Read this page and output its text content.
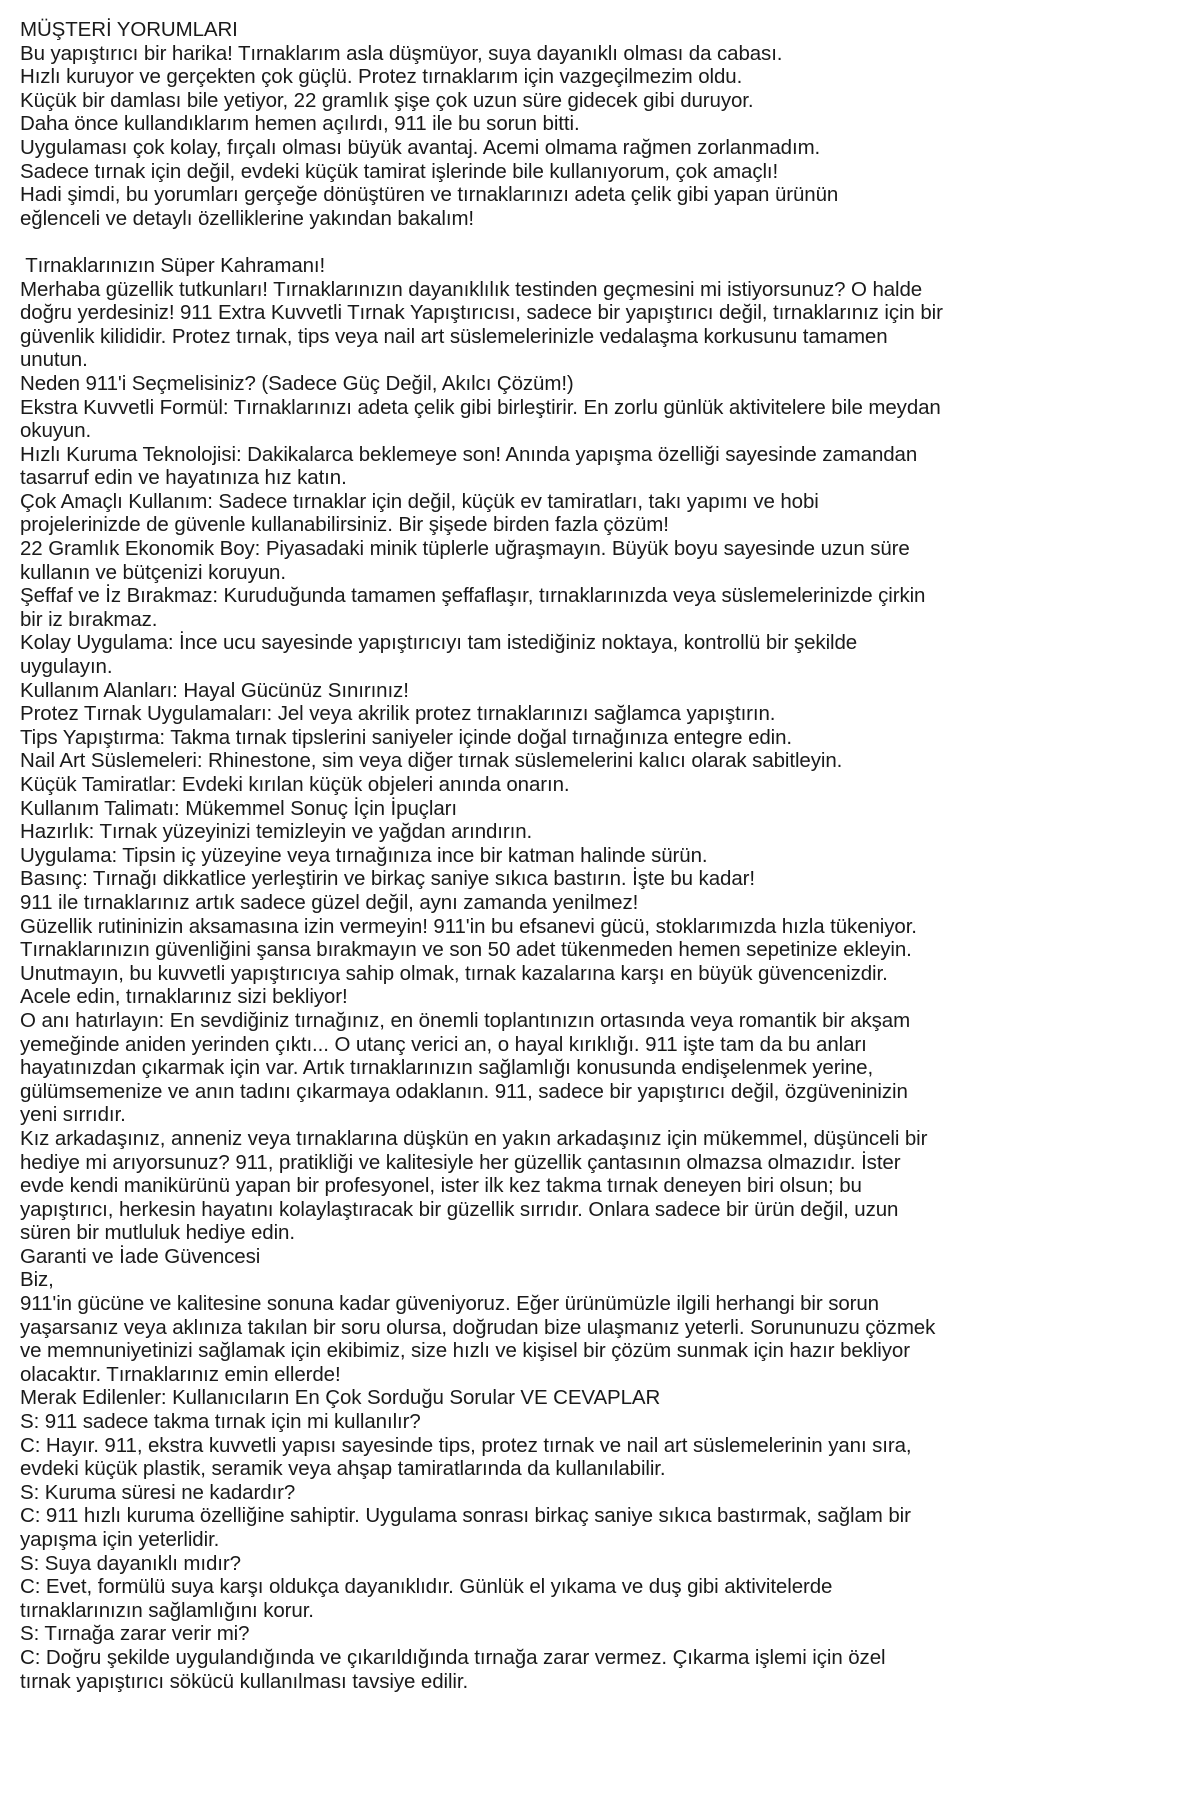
MÜŞTERİ YORUMLARI
Bu yapıştırıcı bir harika! Tırnaklarım asla düşmüyor, suya dayanıklı olması da cabası.
Hızlı kuruyor ve gerçekten çok güçlü. Protez tırnaklarım için vazgeçilmezim oldu.
Küçük bir damlası bile yetiyor, 22 gramlık şişe çok uzun süre gidecek gibi duruyor.
Daha önce kullandıklarım hemen açılırdı, 911 ile bu sorun bitti.
Uygulaması çok kolay, fırçalı olması büyük avantaj. Acemi olmama rağmen zorlanmadım.
Sadece tırnak için değil, evdeki küçük tamirat işlerinde bile kullanıyorum, çok amaçlı!
Hadi şimdi, bu yorumları gerçeğe dönüştüren ve tırnaklarınızı adeta çelik gibi yapan ürünün
eğlenceli ve detaylı özelliklerine yakından bakalım!
Tırnaklarınızın Süper Kahramanı!
Merhaba güzellik tutkunları! Tırnaklarınızın dayanıklılık testinden geçmesini mi istiyorsunuz? O halde
doğru yerdesiniz! 911 Extra Kuvvetli Tırnak Yapıştırıcısı, sadece bir yapıştırıcı değil, tırnaklarınız için bir
güvenlik kilididir. Protez tırnak, tips veya nail art süslemelerinizle vedalaşma korkusunu tamamen
unutun.
Neden 911'i Seçmelisiniz? (Sadece Güç Değil, Akılcı Çözüm!)
Ekstra Kuvvetli Formül: Tırnaklarınızı adeta çelik gibi birleştirir. En zorlu günlük aktivitelere bile meydan
okuyun.
Hızlı Kuruma Teknolojisi: Dakikalarca beklemeye son! Anında yapışma özelliği sayesinde zamandan
tasarruf edin ve hayatınıza hız katın.
Çok Amaçlı Kullanım: Sadece tırnaklar için değil, küçük ev tamiratları, takı yapımı ve hobi
projelerinizde de güvenle kullanabilirsiniz. Bir şişede birden fazla çözüm!
22 Gramlık Ekonomik Boy: Piyasadaki minik tüplerle uğraşmayın. Büyük boyu sayesinde uzun süre
kullanın ve bütçenizi koruyun.
Şeffaf ve İz Bırakmaz: Kuruduğunda tamamen şeffaflaşır, tırnaklarınızda veya süslemelerinizde çirkin
bir iz bırakmaz.
Kolay Uygulama: İnce ucu sayesinde yapıştırıcıyı tam istediğiniz noktaya, kontrollü bir şekilde
uygulayın.
Kullanım Alanları: Hayal Gücünüz Sınırınız!
Protez Tırnak Uygulamaları: Jel veya akrilik protez tırnaklarınızı sağlamca yapıştırın.
Tips Yapıştırma: Takma tırnak tipslerini saniyeler içinde doğal tırnağınıza entegre edin.
Nail Art Süslemeleri: Rhinestone, sim veya diğer tırnak süslemelerini kalıcı olarak sabitleyin.
Küçük Tamiratlar: Evdeki kırılan küçük objeleri anında onarın.
Kullanım Talimatı: Mükemmel Sonuç İçin İpuçları
Hazırlık: Tırnak yüzeyinizi temizleyin ve yağdan arındırın.
Uygulama: Tipsin iç yüzeyine veya tırnağınıza ince bir katman halinde sürün.
Basınç: Tırnağı dikkatlice yerleştirin ve birkaç saniye sıkıca bastırın. İşte bu kadar!
911 ile tırnaklarınız artık sadece güzel değil, aynı zamanda yenilmez!
Güzellik rutininizin aksamasına izin vermeyin! 911'in bu efsanevi gücü, stoklarımızda hızla tükeniyor.
Tırnaklarınızın güvenliğini şansa bırakmayın ve son 50 adet tükenmeden hemen sepetinize ekleyin.
Unutmayın, bu kuvvetli yapıştırıcıya sahip olmak, tırnak kazalarına karşı en büyük güvencenizdir.
Acele edin, tırnaklarınız sizi bekliyor!
O anı hatırlayın: En sevdiğiniz tırnağınız, en önemli toplantınızın ortasında veya romantik bir akşam
yemeğinde aniden yerinden çıktı... O utanç verici an, o hayal kırıklığı. 911 işte tam da bu anları
hayatınızdan çıkarmak için var. Artık tırnaklarınızın sağlamlığı konusunda endişelenmek yerine,
gülümsemenize ve anın tadını çıkarmaya odaklanın. 911, sadece bir yapıştırıcı değil, özgüveninizin
yeni sırrıdır.
Kız arkadaşınız, anneniz veya tırnaklarına düşkün en yakın arkadaşınız için mükemmel, düşünceli bir
hediye mi arıyorsunuz? 911, pratikliği ve kalitesiyle her güzellik çantasının olmazsa olmazıdır. İster
evde kendi manikürünü yapan bir profesyonel, ister ilk kez takma tırnak deneyen biri olsun; bu
yapıştırıcı, herkesin hayatını kolaylaştıracak bir güzellik sırrıdır. Onlara sadece bir ürün değil, uzun
süren bir mutluluk hediye edin.
Garanti ve İade Güvencesi
Biz,
911'in gücüne ve kalitesine sonuna kadar güveniyoruz. Eğer ürünümüzle ilgili herhangi bir sorun
yaşarsanız veya aklınıza takılan bir soru olursa, doğrudan bize ulaşmanız yeterli. Sorununuzu çözmek
ve memnuniyetinizi sağlamak için ekibimiz, size hızlı ve kişisel bir çözüm sunmak için hazır bekliyor
olacaktır. Tırnaklarınız emin ellerde!
Merak Edilenler: Kullanıcıların En Çok Sorduğu Sorular VE CEVAPLAR
S: 911 sadece takma tırnak için mi kullanılır?
C: Hayır. 911, ekstra kuvvetli yapısı sayesinde tips, protez tırnak ve nail art süslemelerinin yanı sıra,
evdeki küçük plastik, seramik veya ahşap tamiratlarında da kullanılabilir.
S: Kuruma süresi ne kadardır?
C: 911 hızlı kuruma özelliğine sahiptir. Uygulama sonrası birkaç saniye sıkıca bastırmak, sağlam bir
yapışma için yeterlidir.
S: Suya dayanıklı mıdır?
C: Evet, formülü suya karşı oldukça dayanıklıdır. Günlük el yıkama ve duş gibi aktivitelerde
tırnaklarınızın sağlamlığını korur.
S: Tırnağa zarar verir mi?
C: Doğru şekilde uygulandığında ve çıkarıldığında tırnağa zarar vermez. Çıkarma işlemi için özel
tırnak yapıştırıcı sökücü kullanılması tavsiye edilir.
